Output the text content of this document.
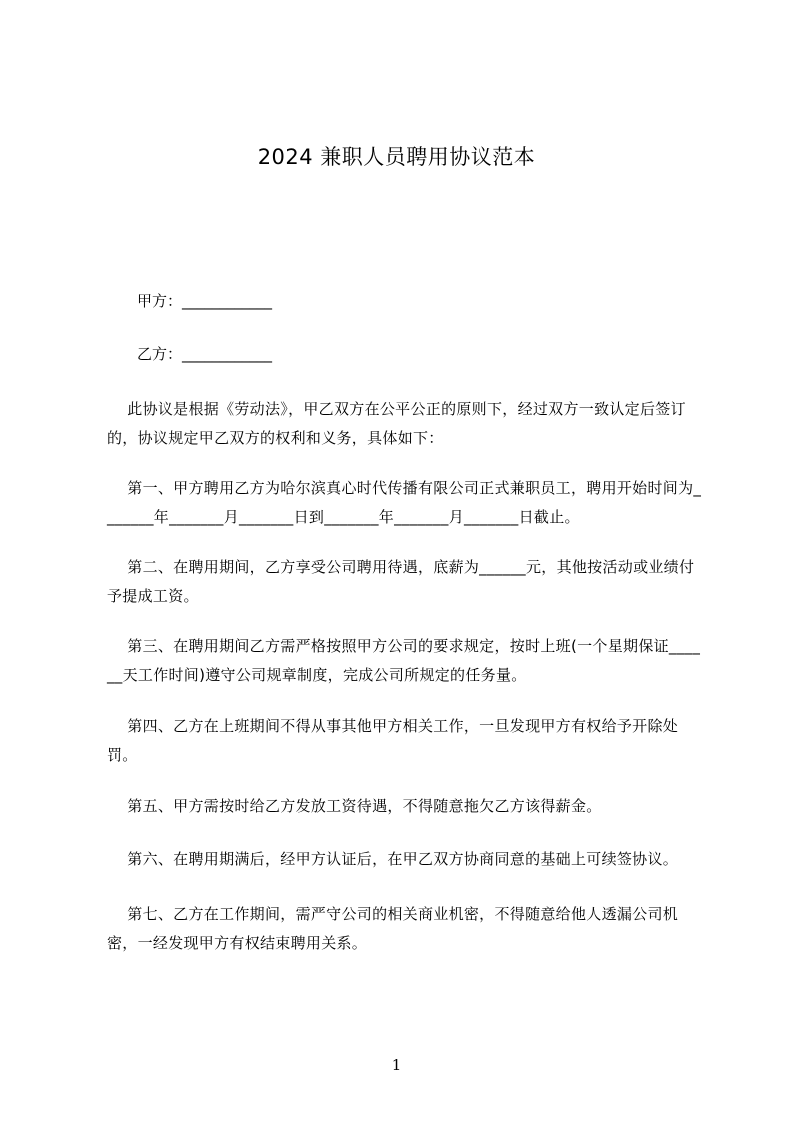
2024 兼职人员聘用协议范本
甲方：____________
乙方：____________
此协议是根据《劳动法》，甲乙双方在公平公正的原则下，经过双方一致认定后签订的，协议规定甲乙双方的权利和义务，具体如下：
第一、甲方聘用乙方为哈尔滨真心时代传播有限公司正式兼职员工，聘用开始时间为_______年_______月_______日到_______年_______月_______日截止。
第二、在聘用期间，乙方享受公司聘用待遇，底薪为______元，其他按活动或业绩付予提成工资。
第三、在聘用期间乙方需严格按照甲方公司的要求规定，按时上班(一个星期保证______天工作时间)遵守公司规章制度，完成公司所规定的任务量。
第四、乙方在上班期间不得从事其他甲方相关工作，一旦发现甲方有权给予开除处罚。
第五、甲方需按时给乙方发放工资待遇，不得随意拖欠乙方该得薪金。
第六、在聘用期满后，经甲方认证后，在甲乙双方协商同意的基础上可续签协议。
第七、乙方在工作期间，需严守公司的相关商业机密，不得随意给他人透漏公司机密，一经发现甲方有权结束聘用关系。
1
